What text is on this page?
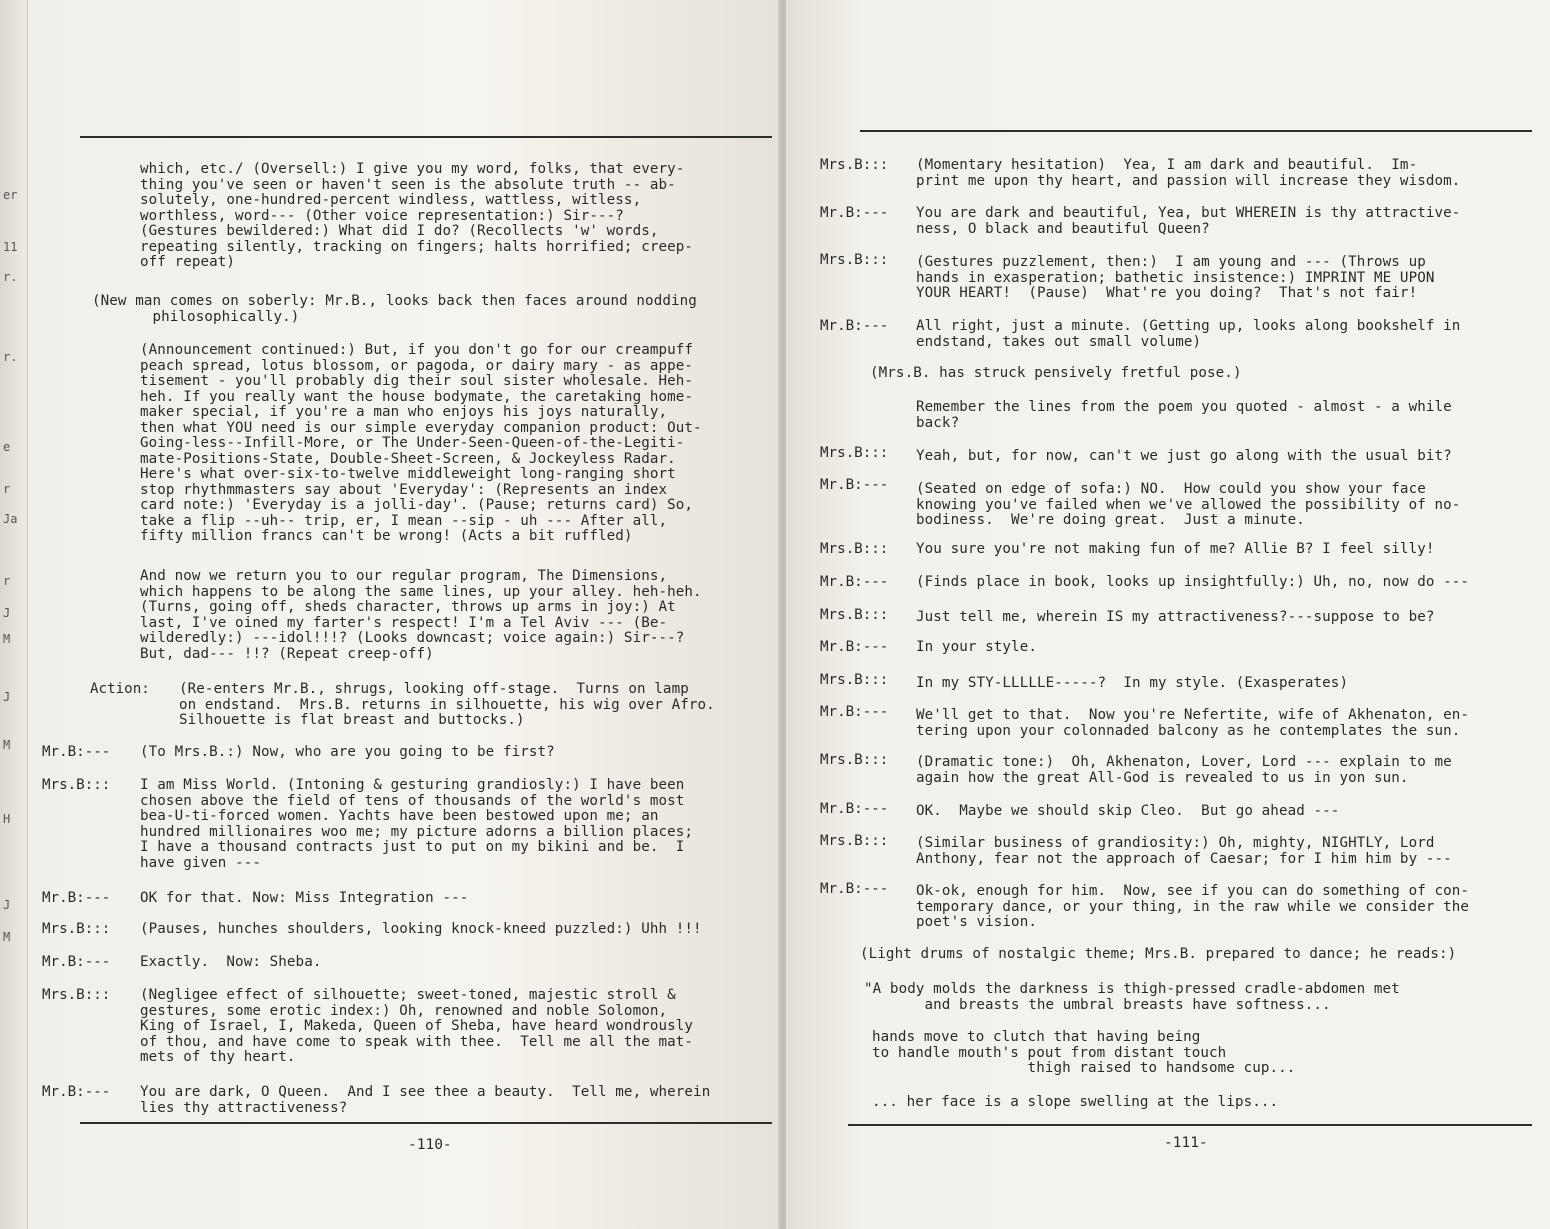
er
11
r.
r.
e
r
Ja
r
J
M
J
M
H
J
M
which, etc./ (Oversell:) I give you my word, folks, that every-
thing you've seen or haven't seen is the absolute truth -- ab-
solutely, one-hundred-percent windless, wattless, witless,
worthless, word--- (Other voice representation:) Sir---?
(Gestures bewildered:) What did I do? (Recollects 'w' words,
repeating silently, tracking on fingers; halts horrified; creep-
off repeat)
(New man comes on soberly: Mr.B., looks back then faces around nodding
philosophically.)
(Announcement continued:) But, if you don't go for our creampuff
peach spread, lotus blossom, or pagoda, or dairy mary - as appe-
tisement - you'll probably dig their soul sister wholesale. Heh-
heh. If you really want the house bodymate, the caretaking home-
maker special, if you're a man who enjoys his joys naturally,
then what YOU need is our simple everyday companion product: Out-
Going-less--Infill-More, or The Under-Seen-Queen-of-the-Legiti-
mate-Positions-State, Double-Sheet-Screen, & Jockeyless Radar.
Here's what over-six-to-twelve middleweight long-ranging short
stop rhythmmasters say about 'Everyday': (Represents an index
card note:) 'Everyday is a jolli-day'. (Pause; returns card) So,
take a flip --uh-- trip, er, I mean --sip - uh --- After all,
fifty million francs can't be wrong! (Acts a bit ruffled)
And now we return you to our regular program, The Dimensions,
which happens to be along the same lines, up your alley. heh-heh.
(Turns, going off, sheds character, throws up arms in joy:) At
last, I've oined my farter's respect! I'm a Tel Aviv --- (Be-
wilderedly:) ---idol!!!? (Looks downcast; voice again:) Sir---?
But, dad--- !!? (Repeat creep-off)
Action: (Re-enters Mr.B., shrugs, looking off-stage.  Turns on lamp
on endstand.  Mrs.B. returns in silhouette, his wig over Afro.
Silhouette is flat breast and buttocks.)
Mr.B:--- (To Mrs.B.:) Now, who are you going to be first?
Mrs.B::: I am Miss World. (Intoning & gesturing grandiosly:) I have been
chosen above the field of tens of thousands of the world's most
bea-U-ti-forced women. Yachts have been bestowed upon me; an
hundred millionaires woo me; my picture adorns a billion places;
I have a thousand contracts just to put on my bikini and be.  I
have given ---
Mr.B:--- OK for that. Now: Miss Integration ---
Mrs.B::: (Pauses, hunches shoulders, looking knock-kneed puzzled:) Uhh !!!
Mr.B:--- Exactly.  Now: Sheba.
Mrs.B::: (Negligee effect of silhouette; sweet-toned, majestic stroll &
gestures, some erotic index:) Oh, renowned and noble Solomon,
King of Israel, I, Makeda, Queen of Sheba, have heard wondrously
of thou, and have come to speak with thee.  Tell me all the mat-
mets of thy heart.
Mr.B:--- You are dark, O Queen.  And I see thee a beauty.  Tell me, wherein
lies thy attractiveness?
-110-
Mrs.B::: (Momentary hesitation)  Yea, I am dark and beautiful.  Im-
print me upon thy heart, and passion will increase they wisdom.
Mr.B:--- You are dark and beautiful, Yea, but WHEREIN is thy attractive-
ness, O black and beautiful Queen?
Mrs.B::: (Gestures puzzlement, then:)  I am young and --- (Throws up
hands in exasperation; bathetic insistence:) IMPRINT ME UPON
YOUR HEART!  (Pause)  What're you doing?  That's not fair!
Mr.B:--- All right, just a minute. (Getting up, looks along bookshelf in
endstand, takes out small volume)
(Mrs.B. has struck pensively fretful pose.)
Remember the lines from the poem you quoted - almost - a while
back?
Mrs.B::: Yeah, but, for now, can't we just go along with the usual bit?
Mr.B:--- (Seated on edge of sofa:) NO.  How could you show your face
knowing you've failed when we've allowed the possibility of no-
bodiness.  We're doing great.  Just a minute.
Mrs.B::: You sure you're not making fun of me? Allie B? I feel silly!
Mr.B:--- (Finds place in book, looks up insightfully:) Uh, no, now do ---
Mrs.B::: Just tell me, wherein IS my attractiveness?---suppose to be?
Mr.B:--- In your style.
Mrs.B::: In my STY-LLLLLE-----?  In my style. (Exasperates)
Mr.B:--- We'll get to that.  Now you're Nefertite, wife of Akhenaton, en-
tering upon your colonnaded balcony as he contemplates the sun.
Mrs.B::: (Dramatic tone:)  Oh, Akhenaton, Lover, Lord --- explain to me
again how the great All-God is revealed to us in yon sun.
Mr.B:--- OK.  Maybe we should skip Cleo.  But go ahead ---
Mrs.B::: (Similar business of grandiosity:) Oh, mighty, NIGHTLY, Lord
Anthony, fear not the approach of Caesar; for I him him by ---
Mr.B:--- Ok-ok, enough for him.  Now, see if you can do something of con-
temporary dance, or your thing, in the raw while we consider the
poet's vision.
(Light drums of nostalgic theme; Mrs.B. prepared to dance; he reads:)
"A body molds the darkness is thigh-pressed cradle-abdomen met
and breasts the umbral breasts have softness...
hands move to clutch that having being
to handle mouth's pout from distant touch
thigh raised to handsome cup...
... her face is a slope swelling at the lips...
-111-
